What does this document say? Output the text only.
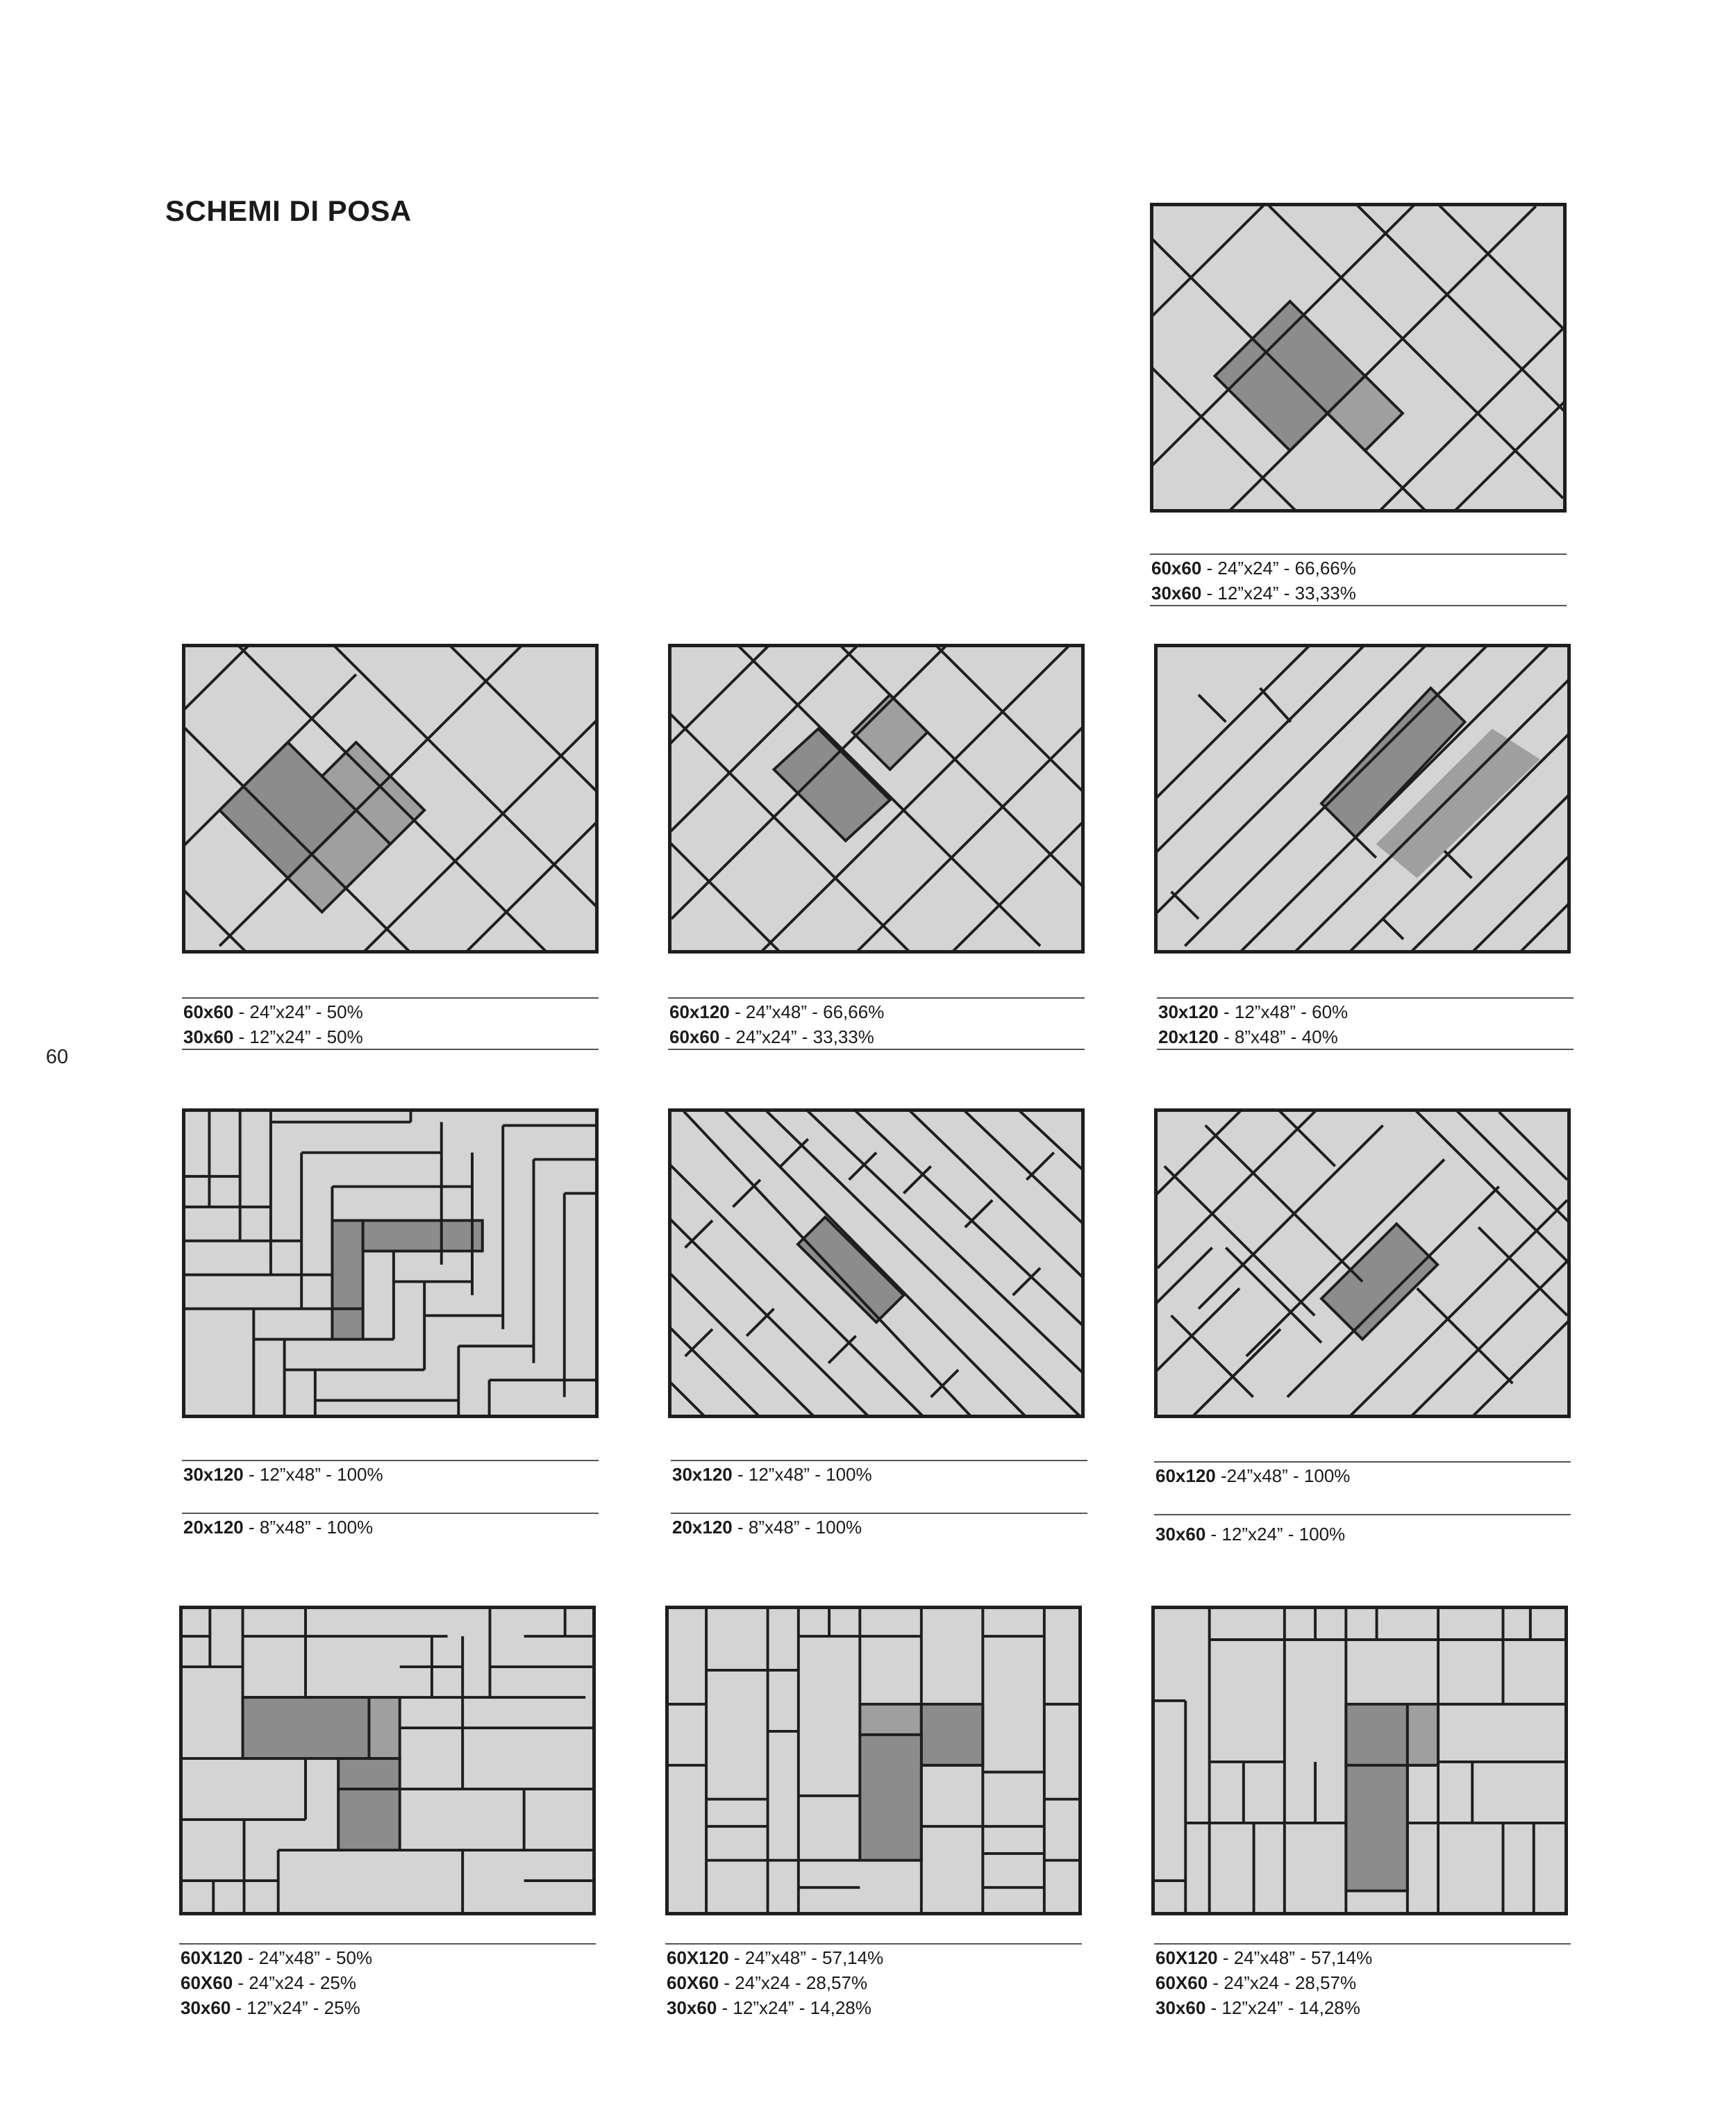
SCHEMI DI POSA
60
60x60 - 24”x24” - 66,66%
30x60 - 12”x24” - 33,33%
60x60 - 24”x24” - 50%
30x60 - 12”x24” - 50%
60x120 - 24”x48” - 66,66%
60x60 - 24”x24” - 33,33%
30x120 - 12”x48” - 60%
20x120 - 8”x48” - 40%
30x120 - 12”x48” - 100%
20x120 - 8”x48” - 100%
30x120 - 12”x48” - 100%
20x120 - 8”x48” - 100%
60x120 -24”x48” - 100%
30x60 - 12”x24” - 100%
60X120 - 24”x48” - 50%
60X60 - 24”x24 - 25%
30x60 - 12”x24” - 25%
60X120 - 24”x48” - 57,14%
60X60 - 24”x24 - 28,57%
30x60 - 12”x24” - 14,28%
60X120 - 24”x48” - 57,14%
60X60 - 24”x24 - 28,57%
30x60 - 12”x24” - 14,28%
